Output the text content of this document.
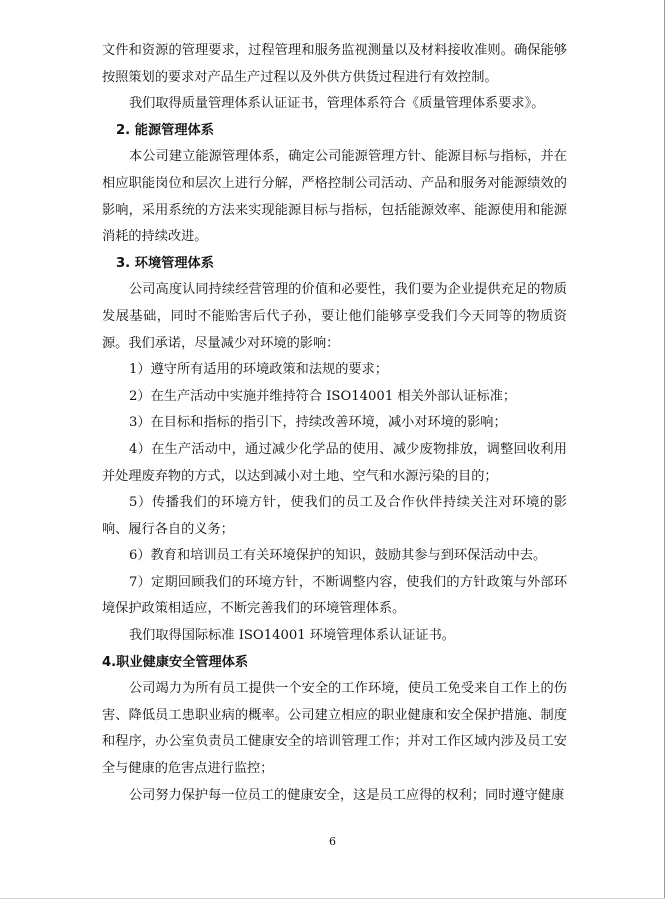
文件和资源的管理要求，过程管理和服务监视测量以及材料接收准则。确保能够按照策划的要求对产品生产过程以及外供方供货过程进行有效控制。

我们取得质量管理体系认证证书，管理体系符合《质量管理体系要求》。

2. 能源管理体系

本公司建立能源管理体系，确定公司能源管理方针、能源目标与指标，并在相应职能岗位和层次上进行分解，严格控制公司活动、产品和服务对能源绩效的影响，采用系统的方法来实现能源目标与指标，包括能源效率、能源使用和能源消耗的持续改进。

3. 环境管理体系

公司高度认同持续经营管理的价值和必要性，我们要为企业提供充足的物质发展基础，同时不能贻害后代子孙，要让他们能够享受我们今天同等的物质资源。我们承诺，尽量减少对环境的影响：

1）遵守所有适用的环境政策和法规的要求；

2）在生产活动中实施并维持符合 ISO14001 相关外部认证标准；

3）在目标和指标的指引下，持续改善环境，减小对环境的影响；

4）在生产活动中，通过减少化学品的使用、减少废物排放，调整回收利用并处理废弃物的方式，以达到减小对土地、空气和水源污染的目的；

5）传播我们的环境方针，使我们的员工及合作伙伴持续关注对环境的影响、履行各自的义务；

6）教育和培训员工有关环境保护的知识，鼓励其参与到环保活动中去。

7）定期回顾我们的环境方针，不断调整内容，使我们的方针政策与外部环境保护政策相适应，不断完善我们的环境管理体系。

我们取得国际标准 ISO14001 环境管理体系认证证书。

4.职业健康安全管理体系

公司竭力为所有员工提供一个安全的工作环境，使员工免受来自工作上的伤害、降低员工患职业病的概率。公司建立相应的职业健康和安全保护措施、制度和程序，办公室负责员工健康安全的培训管理工作；并对工作区域内涉及员工安全与健康的危害点进行监控；

公司努力保护每一位员工的健康安全，这是员工应得的权利；同时遵守健康

6
